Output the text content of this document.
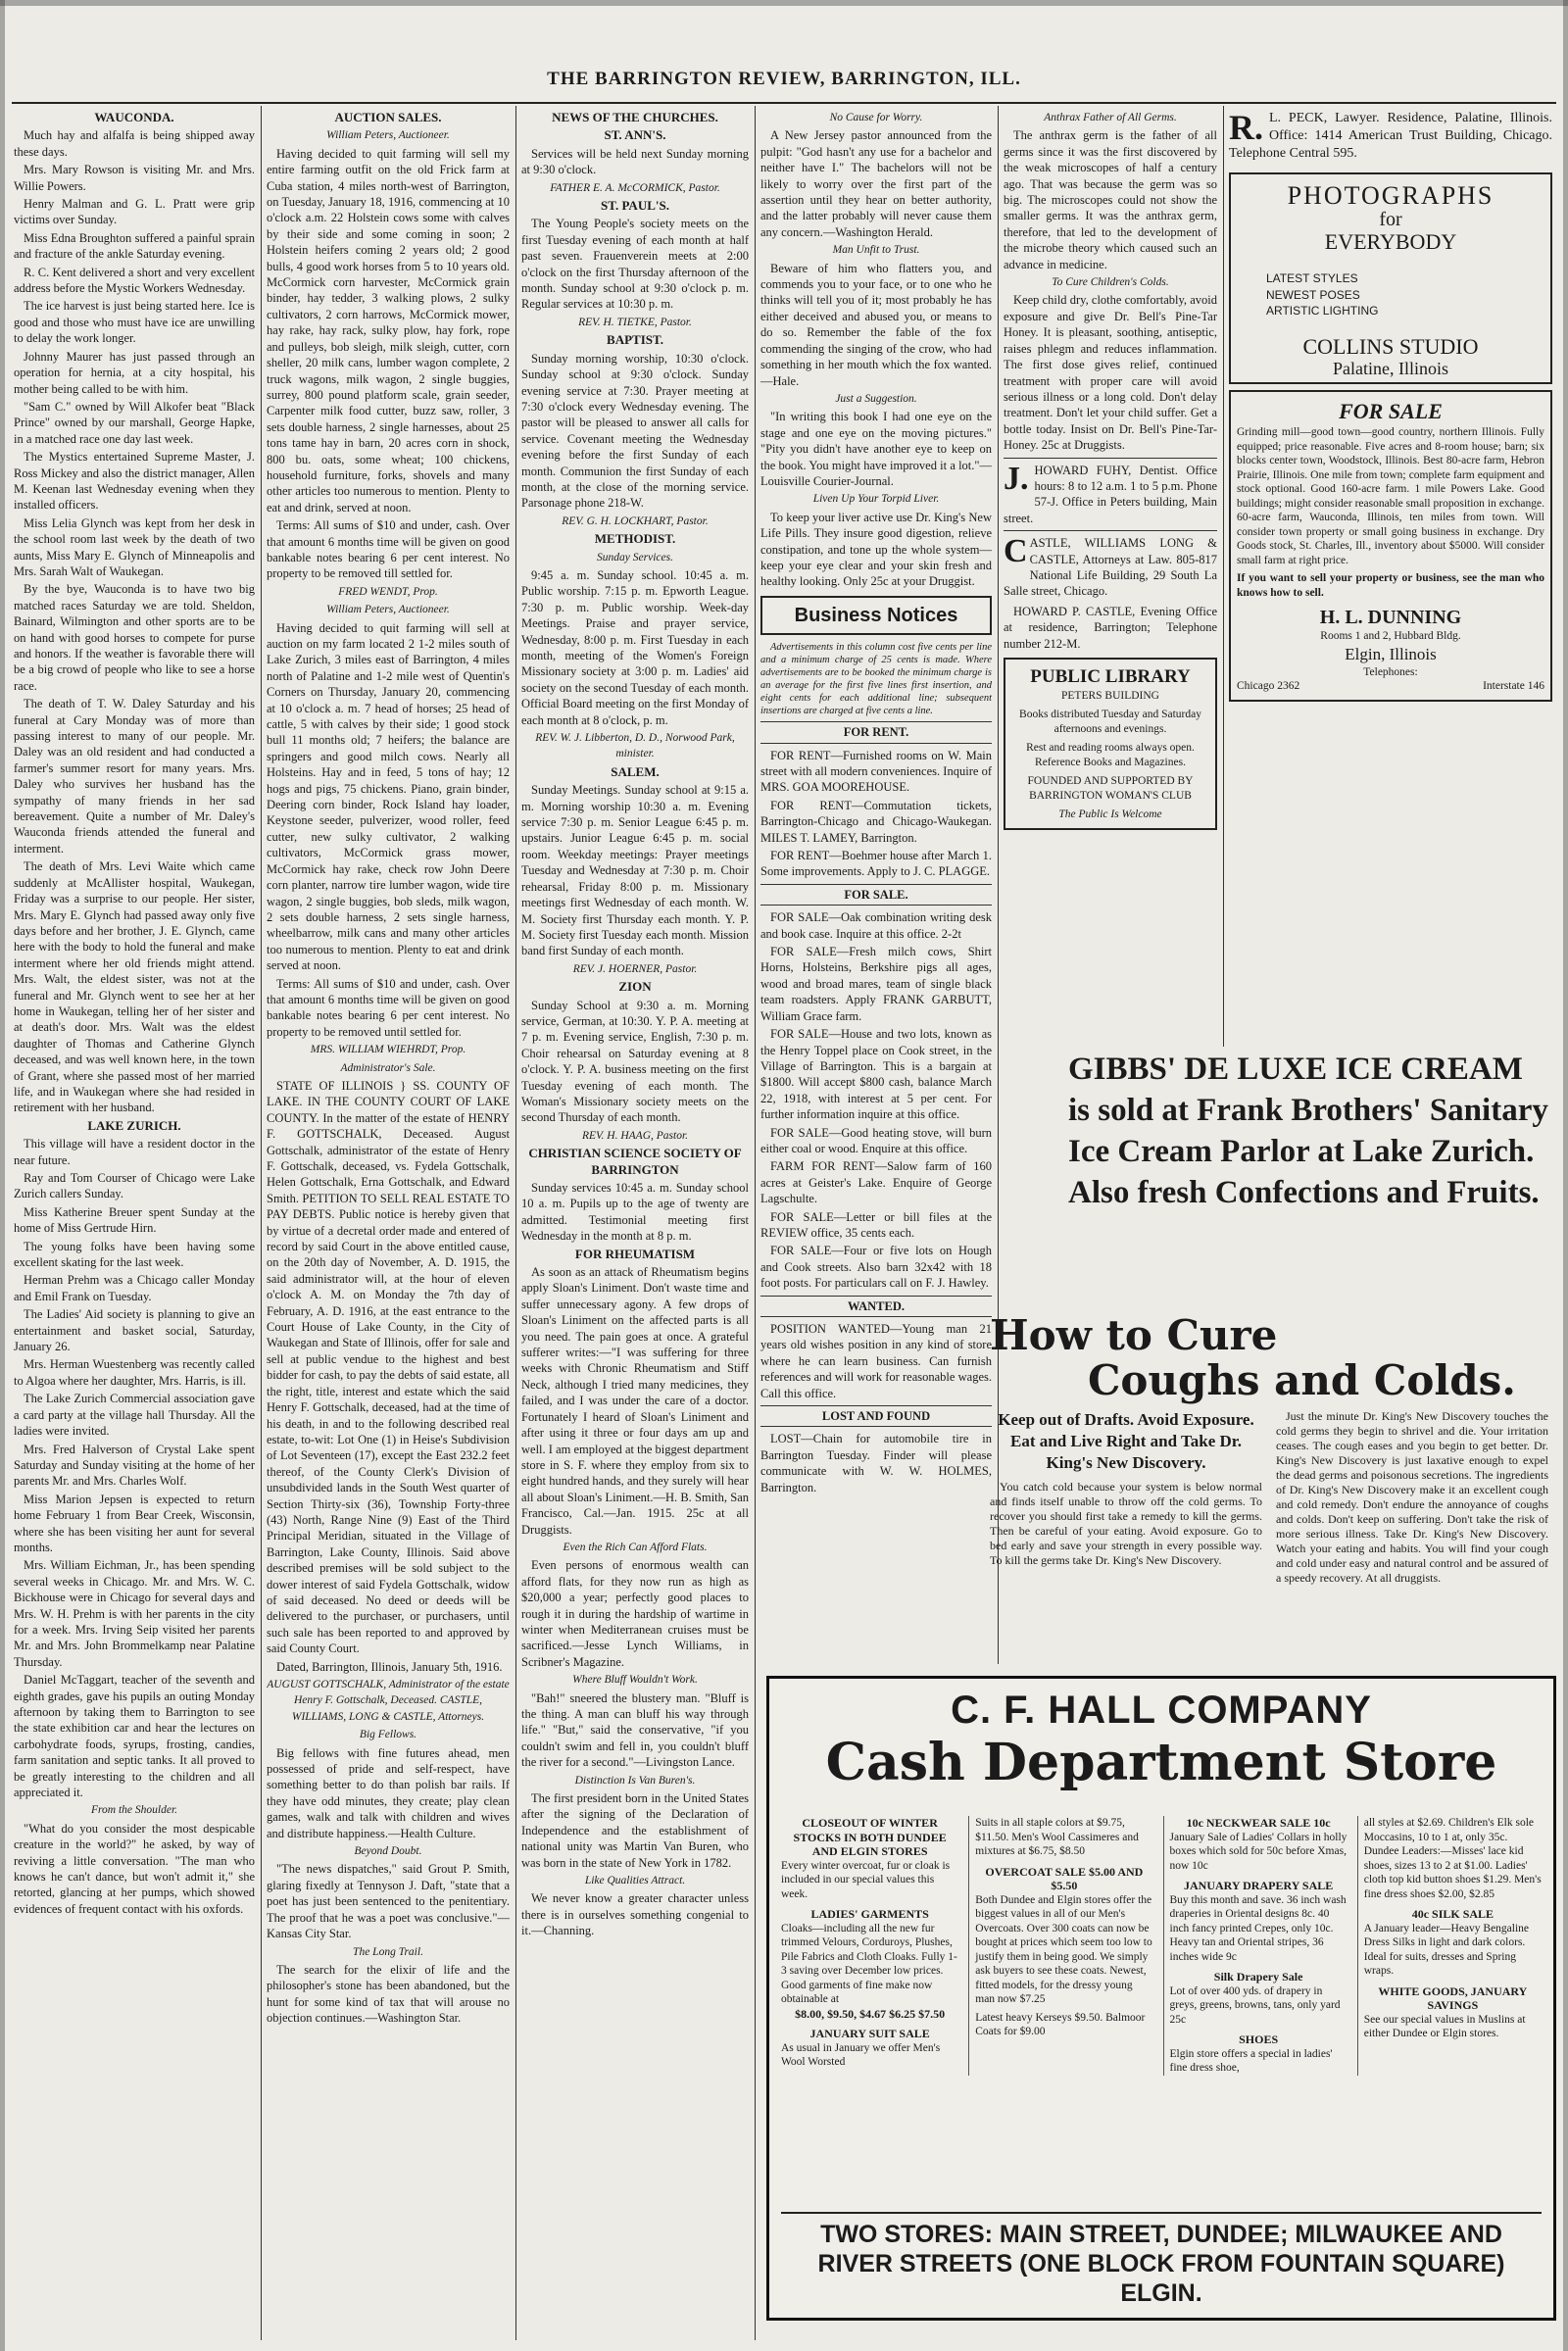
THE BARRINGTON REVIEW, BARRINGTON, ILL.

WAUCONDA.

Much hay and alfalfa is being shipped away these days.

Mrs. Mary Rowson is visiting Mr. and Mrs. Willie Powers.

Henry Malman and G. L. Pratt were grip victims over Sunday.

Miss Edna Broughton suffered a painful sprain and fracture of the ankle Saturday evening.

R. C. Kent delivered a short and very excellent address before the Mystic Workers Wednesday.

The ice harvest is just being started here. Ice is good and those who must have ice are unwilling to delay the work longer.

Johnny Maurer has just passed through an operation for hernia, at a city hospital, his mother being called to be with him.

"Sam C." owned by Will Alkofer beat "Black Prince" owned by our marshall, George Hapke, in a matched race one day last week.

The Mystics entertained Supreme Master, J. Ross Mickey and also the district manager, Allen M. Keenan last Wednesday evening when they installed officers.

Miss Lelia Glynch was kept from her desk in the school room last week by the death of two aunts, Miss Mary E. Glynch of Minneapolis and Mrs. Sarah Walt of Waukegan.

By the bye, Wauconda is to have two big matched races Saturday we are told. Sheldon, Bainard, Wilmington and other sports are to be on hand with good horses to compete for purse and honors. If the weather is favorable there will be a big crowd of people who like to see a horse race.

The death of T. W. Daley Saturday and his funeral at Cary Monday was of more than passing interest to many of our people. Mr. Daley was an old resident and had conducted a farmer's summer resort for many years. Mrs. Daley who survives her husband has the sympathy of many friends in her sad bereavement. Quite a number of Mr. Daley's Wauconda friends attended the funeral and interment.

The death of Mrs. Levi Waite which came suddenly at McAllister hospital, Waukegan, Friday was a surprise to our people. Her sister, Mrs. Mary E. Glynch had passed away only five days before and her brother, J. E. Glynch, came here with the body to hold the funeral and make interment where her old friends might attend. Mrs. Walt, the eldest sister, was not at the funeral and Mr. Glynch went to see her at her home in Waukegan, telling her of her sister and at death's door. Mrs. Walt was the eldest daughter of Thomas and Catherine Glynch deceased, and was well known here, in the town of Grant, where she passed most of her married life, and in Waukegan where she had resided in retirement with her husband.

LAKE ZURICH.

This village will have a resident doctor in the near future.

Ray and Tom Courser of Chicago were Lake Zurich callers Sunday.

Miss Katherine Breuer spent Sunday at the home of Miss Gertrude Hirn.

The young folks have been having some excellent skating for the last week.

Herman Prehm was a Chicago caller Monday and Emil Frank on Tuesday.

The Ladies' Aid society is planning to give an entertainment and basket social, Saturday, January 26.

Mrs. Herman Wuestenberg was recently called to Algoa where her daughter, Mrs. Harris, is ill.

The Lake Zurich Commercial association gave a card party at the village hall Thursday. All the ladies were invited.

Mrs. Fred Halverson of Crystal Lake spent Saturday and Sunday visiting at the home of her parents Mr. and Mrs. Charles Wolf.

Miss Marion Jepsen is expected to return home February 1 from Bear Creek, Wisconsin, where she has been visiting her aunt for several months.

Mrs. William Eichman, Jr., has been spending several weeks in Chicago. Mr. and Mrs. W. C. Bickhouse were in Chicago for several days and Mrs. W. H. Prehm is with her parents in the city for a week. Mrs. Irving Seip visited her parents Mr. and Mrs. John Brommelkamp near Palatine Thursday.

Daniel McTaggart, teacher of the seventh and eighth grades, gave his pupils an outing Monday afternoon by taking them to Barrington to see the state exhibition car and hear the lectures on carbohydrate foods, syrups, frosting, candies, farm sanitation and septic tanks. It all proved to be greatly interesting to the children and all appreciated it.

From the Shoulder.

"What do you consider the most despicable creature in the world?" he asked, by way of reviving a little conversation. "The man who knows he can't dance, but won't admit it," she retorted, glancing at her pumps, which showed evidences of frequent contact with his oxfords.

AUCTION SALES.

William Peters, Auctioneer.

Having decided to quit farming will sell my entire farming outfit on the old Frick farm at Cuba station, 4 miles north-west of Barrington, on Tuesday, January 18, 1916, commencing at 10 o'clock a.m. 22 Holstein cows some with calves by their side and some coming in soon; 2 Holstein heifers coming 2 years old; 2 good bulls, 4 good work horses from 5 to 10 years old. McCormick corn harvester, McCormick grain binder, hay tedder, 3 walking plows, 2 sulky cultivators, 2 corn harrows, McCormick mower, hay rake, hay rack, sulky plow, hay fork, rope and pulleys, bob sleigh, milk sleigh, cutter, corn sheller, 20 milk cans, lumber wagon complete, 2 truck wagons, milk wagon, 2 single buggies, surrey, 800 pound platform scale, grain seeder, Carpenter milk food cutter, buzz saw, roller, 3 sets double harness, 2 single harnesses, about 25 tons tame hay in barn, 20 acres corn in shock, 800 bu. oats, some wheat; 100 chickens, household furniture, forks, shovels and many other articles too numerous to mention. Plenty to eat and drink, served at noon.

Terms: All sums of $10 and under, cash. Over that amount 6 months time will be given on good bankable notes bearing 6 per cent interest. No property to be removed till settled for.

FRED WENDT, Prop.

William Peters, Auctioneer.

Having decided to quit farming will sell at auction on my farm located 2 1-2 miles south of Lake Zurich, 3 miles east of Barrington, 4 miles north of Palatine and 1-2 mile west of Quentin's Corners on Thursday, January 20, commencing at 10 o'clock a. m. 7 head of horses; 25 head of cattle, 5 with calves by their side; 1 good stock bull 11 months old; 7 heifers; the balance are springers and good milch cows. Nearly all Holsteins. Hay and in feed, 5 tons of hay; 12 hogs and pigs, 75 chickens. Piano, grain binder, Deering corn binder, Rock Island hay loader, Keystone seeder, pulverizer, wood roller, feed cutter, new sulky cultivator, 2 walking cultivators, McCormick grass mower, McCormick hay rake, check row John Deere corn planter, narrow tire lumber wagon, wide tire wagon, 2 single buggies, bob sleds, milk wagon, 2 sets double harness, 2 sets single harness, wheelbarrow, milk cans and many other articles too numerous to mention. Plenty to eat and drink served at noon.

Terms: All sums of $10 and under, cash. Over that amount 6 months time will be given on good bankable notes bearing 6 per cent interest. No property to be removed until settled for.

MRS. WILLIAM WIEHRDT, Prop.

Administrator's Sale.

STATE OF ILLINOIS } SS. COUNTY OF LAKE. IN THE COUNTY COURT OF LAKE COUNTY. In the matter of the estate of HENRY F. GOTTSCHALK, Deceased. August Gottschalk, administrator of the estate of Henry F. Gottschalk, deceased, vs. Fydela Gottschalk, Helen Gottschalk, Erna Gottschalk, and Edward Smith. PETITION TO SELL REAL ESTATE TO PAY DEBTS. Public notice is hereby given that by virtue of a decretal order made and entered of record by said Court in the above entitled cause, on the 20th day of November, A. D. 1915, the said administrator will, at the hour of eleven o'clock A. M. on Monday the 7th day of February, A. D. 1916, at the east entrance to the Court House of Lake County, in the City of Waukegan and State of Illinois, offer for sale and sell at public vendue to the highest and best bidder for cash, to pay the debts of said estate, all the right, title, interest and estate which the said Henry F. Gottschalk, deceased, had at the time of his death, in and to the following described real estate, to-wit: Lot One (1) in Heise's Subdivision of Lot Seventeen (17), except the East 232.2 feet thereof, of the County Clerk's Division of unsubdivided lands in the South West quarter of Section Thirty-six (36), Township Forty-three (43) North, Range Nine (9) East of the Third Principal Meridian, situated in the Village of Barrington, Lake County, Illinois. Said above described premises will be sold subject to the dower interest of said Fydela Gottschalk, widow of said deceased. No deed or deeds will be delivered to the purchaser, or purchasers, until such sale has been reported to and approved by said County Court.

Dated, Barrington, Illinois, January 5th, 1916.

AUGUST GOTTSCHALK, Administrator of the estate Henry F. Gottschalk, Deceased. CASTLE, WILLIAMS, LONG & CASTLE, Attorneys.

Big Fellows.

Big fellows with fine futures ahead, men possessed of pride and self-respect, have something better to do than polish bar rails. If they have odd minutes, they create; play clean games, walk and talk with children and wives and distribute happiness.—Health Culture.

Beyond Doubt.

"The news dispatches," said Grout P. Smith, glaring fixedly at Tennyson J. Daft, "state that a poet has just been sentenced to the penitentiary. The proof that he was a poet was conclusive."—Kansas City Star.

The Long Trail.

The search for the elixir of life and the philosopher's stone has been abandoned, but the hunt for some kind of tax that will arouse no objection continues.—Washington Star.

NEWS OF THE CHURCHES.

ST. ANN'S.

Services will be held next Sunday morning at 9:30 o'clock.

FATHER E. A. McCORMICK, Pastor.

ST. PAUL'S.

The Young People's society meets on the first Tuesday evening of each month at half past seven. Frauenverein meets at 2:00 o'clock on the first Thursday afternoon of the month. Sunday school at 9:30 o'clock p. m. Regular services at 10:30 p. m.

REV. H. TIETKE, Pastor.

BAPTIST.

Sunday morning worship, 10:30 o'clock. Sunday school at 9:30 o'clock. Sunday evening service at 7:30. Prayer meeting at 7:30 o'clock every Wednesday evening. The pastor will be pleased to answer all calls for service. Covenant meeting the Wednesday evening before the first Sunday of each month. Communion the first Sunday of each month, at the close of the morning service. Parsonage phone 218-W.

REV. G. H. LOCKHART, Pastor.

METHODIST.

Sunday Services.

9:45 a. m. Sunday school. 10:45 a. m. Public worship. 7:15 p. m. Epworth League. 7:30 p. m. Public worship. Week-day Meetings. Praise and prayer service, Wednesday, 8:00 p. m. First Tuesday in each month, meeting of the Women's Foreign Missionary society at 3:00 p. m. Ladies' aid society on the second Tuesday of each month. Official Board meeting on the first Monday of each month at 8 o'clock, p. m.

REV. W. J. Libberton, D. D., Norwood Park, minister.

SALEM.

Sunday Meetings. Sunday school at 9:15 a. m. Morning worship 10:30 a. m. Evening service 7:30 p. m. Senior League 6:45 p. m. upstairs. Junior League 6:45 p. m. social room. Weekday meetings: Prayer meetings Tuesday and Wednesday at 7:30 p. m. Choir rehearsal, Friday 8:00 p. m. Missionary meetings first Wednesday of each month. W. M. Society first Thursday each month. Y. P. M. Society first Tuesday each month. Mission band first Sunday of each month.

REV. J. HOERNER, Pastor.

ZION

Sunday School at 9:30 a. m. Morning service, German, at 10:30. Y. P. A. meeting at 7 p. m. Evening service, English, 7:30 p. m. Choir rehearsal on Saturday evening at 8 o'clock. Y. P. A. business meeting on the first Tuesday evening of each month. The Woman's Missionary society meets on the second Thursday of each month.

REV. H. HAAG, Pastor.

CHRISTIAN SCIENCE SOCIETY OF BARRINGTON

Sunday services 10:45 a. m. Sunday school 10 a. m. Pupils up to the age of twenty are admitted. Testimonial meeting first Wednesday in the month at 8 p. m.

FOR RHEUMATISM

As soon as an attack of Rheumatism begins apply Sloan's Liniment. Don't waste time and suffer unnecessary agony. A few drops of Sloan's Liniment on the affected parts is all you need. The pain goes at once. A grateful sufferer writes:—"I was suffering for three weeks with Chronic Rheumatism and Stiff Neck, although I tried many medicines, they failed, and I was under the care of a doctor. Fortunately I heard of Sloan's Liniment and after using it three or four days am up and well. I am employed at the biggest department store in S. F. where they employ from six to eight hundred hands, and they surely will hear all about Sloan's Liniment.—H. B. Smith, San Francisco, Cal.—Jan. 1915. 25c at all Druggists.

Even the Rich Can Afford Flats.

Even persons of enormous wealth can afford flats, for they now run as high as $20,000 a year; perfectly good places to rough it in during the hardship of wartime in winter when Mediterranean cruises must be sacrificed.—Jesse Lynch Williams, in Scribner's Magazine.

Where Bluff Wouldn't Work.

"Bah!" sneered the blustery man. "Bluff is the thing. A man can bluff his way through life." "But," said the conservative, "if you couldn't swim and fell in, you couldn't bluff the river for a second."—Livingston Lance.

Distinction Is Van Buren's.

The first president born in the United States after the signing of the Declaration of Independence and the establishment of national unity was Martin Van Buren, who was born in the state of New York in 1782.

Like Qualities Attract.

We never know a greater character unless there is in ourselves something congenial to it.—Channing.

No Cause for Worry.

A New Jersey pastor announced from the pulpit: "God hasn't any use for a bachelor and neither have I." The bachelors will not be likely to worry over the first part of the assertion until they hear on better authority, and the latter probably will never cause them any concern.—Washington Herald.

Man Unfit to Trust.

Beware of him who flatters you, and commends you to your face, or to one who he thinks will tell you of it; most probably he has either deceived and abused you, or means to do so. Remember the fable of the fox commending the singing of the crow, who had something in her mouth which the fox wanted.—Hale.

Just a Suggestion.

"In writing this book I had one eye on the stage and one eye on the moving pictures." "Pity you didn't have another eye to keep on the book. You might have improved it a lot."—Louisville Courier-Journal.

Liven Up Your Torpid Liver.

To keep your liver active use Dr. King's New Life Pills. They insure good digestion, relieve constipation, and tone up the whole system—keep your eye clear and your skin fresh and healthy looking. Only 25c at your Druggist.

Business Notices

Advertisements in this column cost five cents per line and a minimum charge of 25 cents is made. Where advertisements are to be booked the minimum charge is an average for the first five lines first insertion, and eight cents for each additional line; subsequent insertions are charged at five cents a line.

FOR RENT.

FOR RENT—Furnished rooms on W. Main street with all modern conveniences. Inquire of MRS. GOA MOOREHOUSE.

FOR RENT—Commutation tickets, Barrington-Chicago and Chicago-Waukegan. MILES T. LAMEY, Barrington.

FOR RENT—Boehmer house after March 1. Some improvements. Apply to J. C. PLAGGE.

FOR SALE.

FOR SALE—Oak combination writing desk and book case. Inquire at this office. 2-2t

FOR SALE—Fresh milch cows, Shirt Horns, Holsteins, Berkshire pigs all ages, wood and broad mares, team of single black team roadsters. Apply FRANK GARBUTT, William Grace farm.

FOR SALE—House and two lots, known as the Henry Toppel place on Cook street, in the Village of Barrington. This is a bargain at $1800. Will accept $800 cash, balance March 22, 1918, with interest at 5 per cent. For further information inquire at this office.

FOR SALE—Good heating stove, will burn either coal or wood. Enquire at this office.

FARM FOR RENT—Salow farm of 160 acres at Geister's Lake. Enquire of George Lagschulte.

FOR SALE—Letter or bill files at the REVIEW office, 35 cents each.

FOR SALE—Four or five lots on Hough and Cook streets. Also barn 32x42 with 18 foot posts. For particulars call on F. J. Hawley.

WANTED.

POSITION WANTED—Young man 21 years old wishes position in any kind of store where he can learn business. Can furnish references and will work for reasonable wages. Call this office.

LOST AND FOUND

LOST—Chain for automobile tire in Barrington Tuesday. Finder will please communicate with W. W. HOLMES, Barrington.

Anthrax Father of All Germs.

The anthrax germ is the father of all germs since it was the first discovered by the weak microscopes of half a century ago. That was because the germ was so big. The microscopes could not show the smaller germs. It was the anthrax germ, therefore, that led to the development of the microbe theory which caused such an advance in medicine.

To Cure Children's Colds.

Keep child dry, clothe comfortably, avoid exposure and give Dr. Bell's Pine-Tar Honey. It is pleasant, soothing, antiseptic, raises phlegm and reduces inflammation. The first dose gives relief, continued treatment with proper care will avoid serious illness or a long cold. Don't delay treatment. Don't let your child suffer. Get a bottle today. Insist on Dr. Bell's Pine-Tar-Honey. 25c at Druggists.

J. HOWARD FUHY, Dentist. Office hours: 8 to 12 a.m. 1 to 5 p.m. Phone 57-J. Office in Peters building, Main street.
C ASTLE, WILLIAMS LONG & CASTLE, Attorneys at Law. 805-817 National Life Building, 29 South La Salle street, Chicago.

HOWARD P. CASTLE, Evening Office at residence, Barrington; Telephone number 212-M.

PUBLIC LIBRARY
PETERS BUILDING
Books distributed Tuesday and Saturday afternoons and evenings.
Rest and reading rooms always open. Reference Books and Magazines.
FOUNDED AND SUPPORTED BY BARRINGTON WOMAN'S CLUB
The Public Is Welcome
R. L. PECK, Lawyer. Residence, Palatine, Illinois. Office: 1414 American Trust Building, Chicago. Telephone Central 595.
PHOTOGRAPHS
for
EVERYBODY
LATEST STYLES
NEWEST POSES
ARTISTIC LIGHTING
COLLINS STUDIO
Palatine, Illinois
FOR SALE
Grinding mill—good town—good country, northern Illinois. Fully equipped; price reasonable. Five acres and 8-room house; barn; six blocks center town, Woodstock, Illinois. Best 80-acre farm, Hebron Prairie, Illinois. One mile from town; complete farm equipment and stock optional. Good 160-acre farm. 1 mile Powers Lake. Good buildings; might consider reasonable small proposition in exchange. 60-acre farm, Wauconda, Illinois, ten miles from town. Will consider town property or small going business in exchange. Dry Goods stock, St. Charles, Ill., inventory about $5000. Will consider small farm at right price.
If you want to sell your property or business, see the man who knows how to sell.
H. L. DUNNING
Rooms 1 and 2, Hubbard Bldg.
Elgin, Illinois
Telephones:
Chicago 2362	Interstate 146
GIBBS' DE LUXE ICE CREAM is sold at Frank Brothers' Sanitary Ice Cream Parlor at Lake Zurich. Also fresh Confections and Fruits.
How to Cure
Coughs and Colds.
Keep out of Drafts. Avoid Exposure. Eat and Live Right and Take Dr. King's New Discovery.

You catch cold because your system is below normal and finds itself unable to throw off the cold germs. To recover you should first take a remedy to kill the germs. Then be careful of your eating. Avoid exposure. Go to bed early and save your strength in every possible way. To kill the germs take Dr. King's New Discovery.

Just the minute Dr. King's New Discovery touches the cold germs they begin to shrivel and die. Your irritation ceases. The cough eases and you begin to get better. Dr. King's New Discovery is just laxative enough to expel the dead germs and poisonous secretions. The ingredients of Dr. King's New Discovery make it an excellent cough and cold remedy. Don't endure the annoyance of coughs and colds. Don't keep on suffering. Don't take the risk of more serious illness. Take Dr. King's New Discovery. Watch your eating and habits. You will find your cough and cold under easy and natural control and be assured of a speedy recovery. At all druggists.

C. F. HALL COMPANY
Cash Department Store
CLOSEOUT OF WINTER STOCKS IN BOTH DUNDEE AND ELGIN STORES
Every winter overcoat, fur or cloak is included in our special values this week.
LADIES' GARMENTS
Cloaks—including all the new fur trimmed Velours, Corduroys, Plushes, Pile Fabrics and Cloth Cloaks. Fully 1-3 saving over December low prices. Good garments of fine make now obtainable at
$8.00, $9.50, $4.67 $6.25 $7.50
JANUARY SUIT SALE
As usual in January we offer Men's Wool Worsted
Suits in all staple colors at $9.75, $11.50. Men's Wool Cassimeres and mixtures at $6.75, $8.50
OVERCOAT SALE $5.00 AND $5.50
Both Dundee and Elgin stores offer the biggest values in all of our Men's Overcoats. Over 300 coats can now be bought at prices which seem too low to justify them in being good. We simply ask buyers to see these coats. Newest, fitted models, for the dressy young man now $7.25
Latest heavy Kerseys $9.50. Balmoor Coats for $9.00
10c NECKWEAR SALE 10c
January Sale of Ladies' Collars in holly boxes which sold for 50c before Xmas, now 10c
JANUARY DRAPERY SALE
Buy this month and save. 36 inch wash draperies in Oriental designs 8c. 40 inch fancy printed Crepes, only 10c. Heavy tan and Oriental stripes, 36 inches wide 9c
Silk Drapery Sale
Lot of over 400 yds. of drapery in greys, greens, browns, tans, only yard 25c
SHOES
Elgin store offers a special in ladies' fine dress shoe,
all styles at $2.69. Children's Elk sole Moccasins, 10 to 1 at, only 35c. Dundee Leaders:—Misses' lace kid shoes, sizes 13 to 2 at $1.00. Ladies' cloth top kid button shoes $1.29. Men's fine dress shoes $2.00, $2.85
40c SILK SALE
A January leader—Heavy Bengaline Dress Silks in light and dark colors. Ideal for suits, dresses and Spring wraps.
WHITE GOODS, JANUARY SAVINGS
See our special values in Muslins at either Dundee or Elgin stores.
TWO STORES: MAIN STREET, DUNDEE; MILWAUKEE AND RIVER STREETS (ONE BLOCK FROM FOUNTAIN SQUARE) ELGIN.
